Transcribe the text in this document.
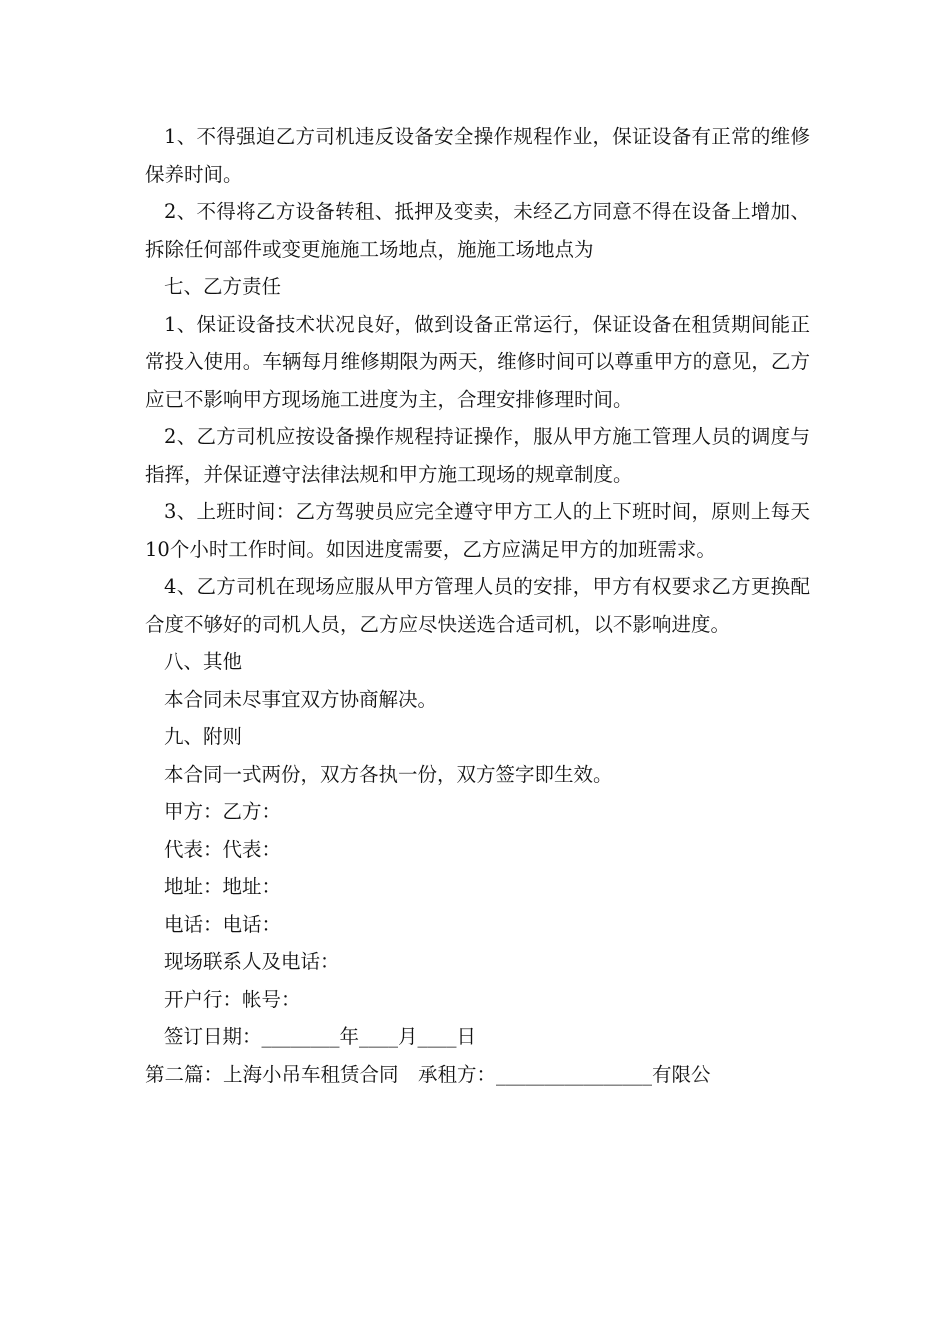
1、不得强迫乙方司机违反设备安全操作规程作业，保证设备有正常的维修保养时间。

2、不得将乙方设备转租、抵押及变卖，未经乙方同意不得在设备上增加、拆除任何部件或变更施施工场地点，施施工场地点为

七、乙方责任

1、保证设备技术状况良好，做到设备正常运行，保证设备在租赁期间能正常投入使用。车辆每月维修期限为两天，维修时间可以尊重甲方的意见，乙方应已不影响甲方现场施工进度为主，合理安排修理时间。

2、乙方司机应按设备操作规程持证操作，服从甲方施工管理人员的调度与指挥，并保证遵守法律法规和甲方施工现场的规章制度。

3、上班时间：乙方驾驶员应完全遵守甲方工人的上下班时间，原则上每天10个小时工作时间。如因进度需要，乙方应满足甲方的加班需求。

4、乙方司机在现场应服从甲方管理人员的安排，甲方有权要求乙方更换配合度不够好的司机人员，乙方应尽快送选合适司机，以不影响进度。

八、其他

本合同未尽事宜双方协商解决。

九、附则

本合同一式两份，双方各执一份，双方签字即生效。

甲方：乙方：

代表：代表：

地址：地址：

电话：电话：

现场联系人及电话：

开户行：帐号：

签订日期：________年____月____日

第二篇：上海小吊车租赁合同　承租方：________________有限公
